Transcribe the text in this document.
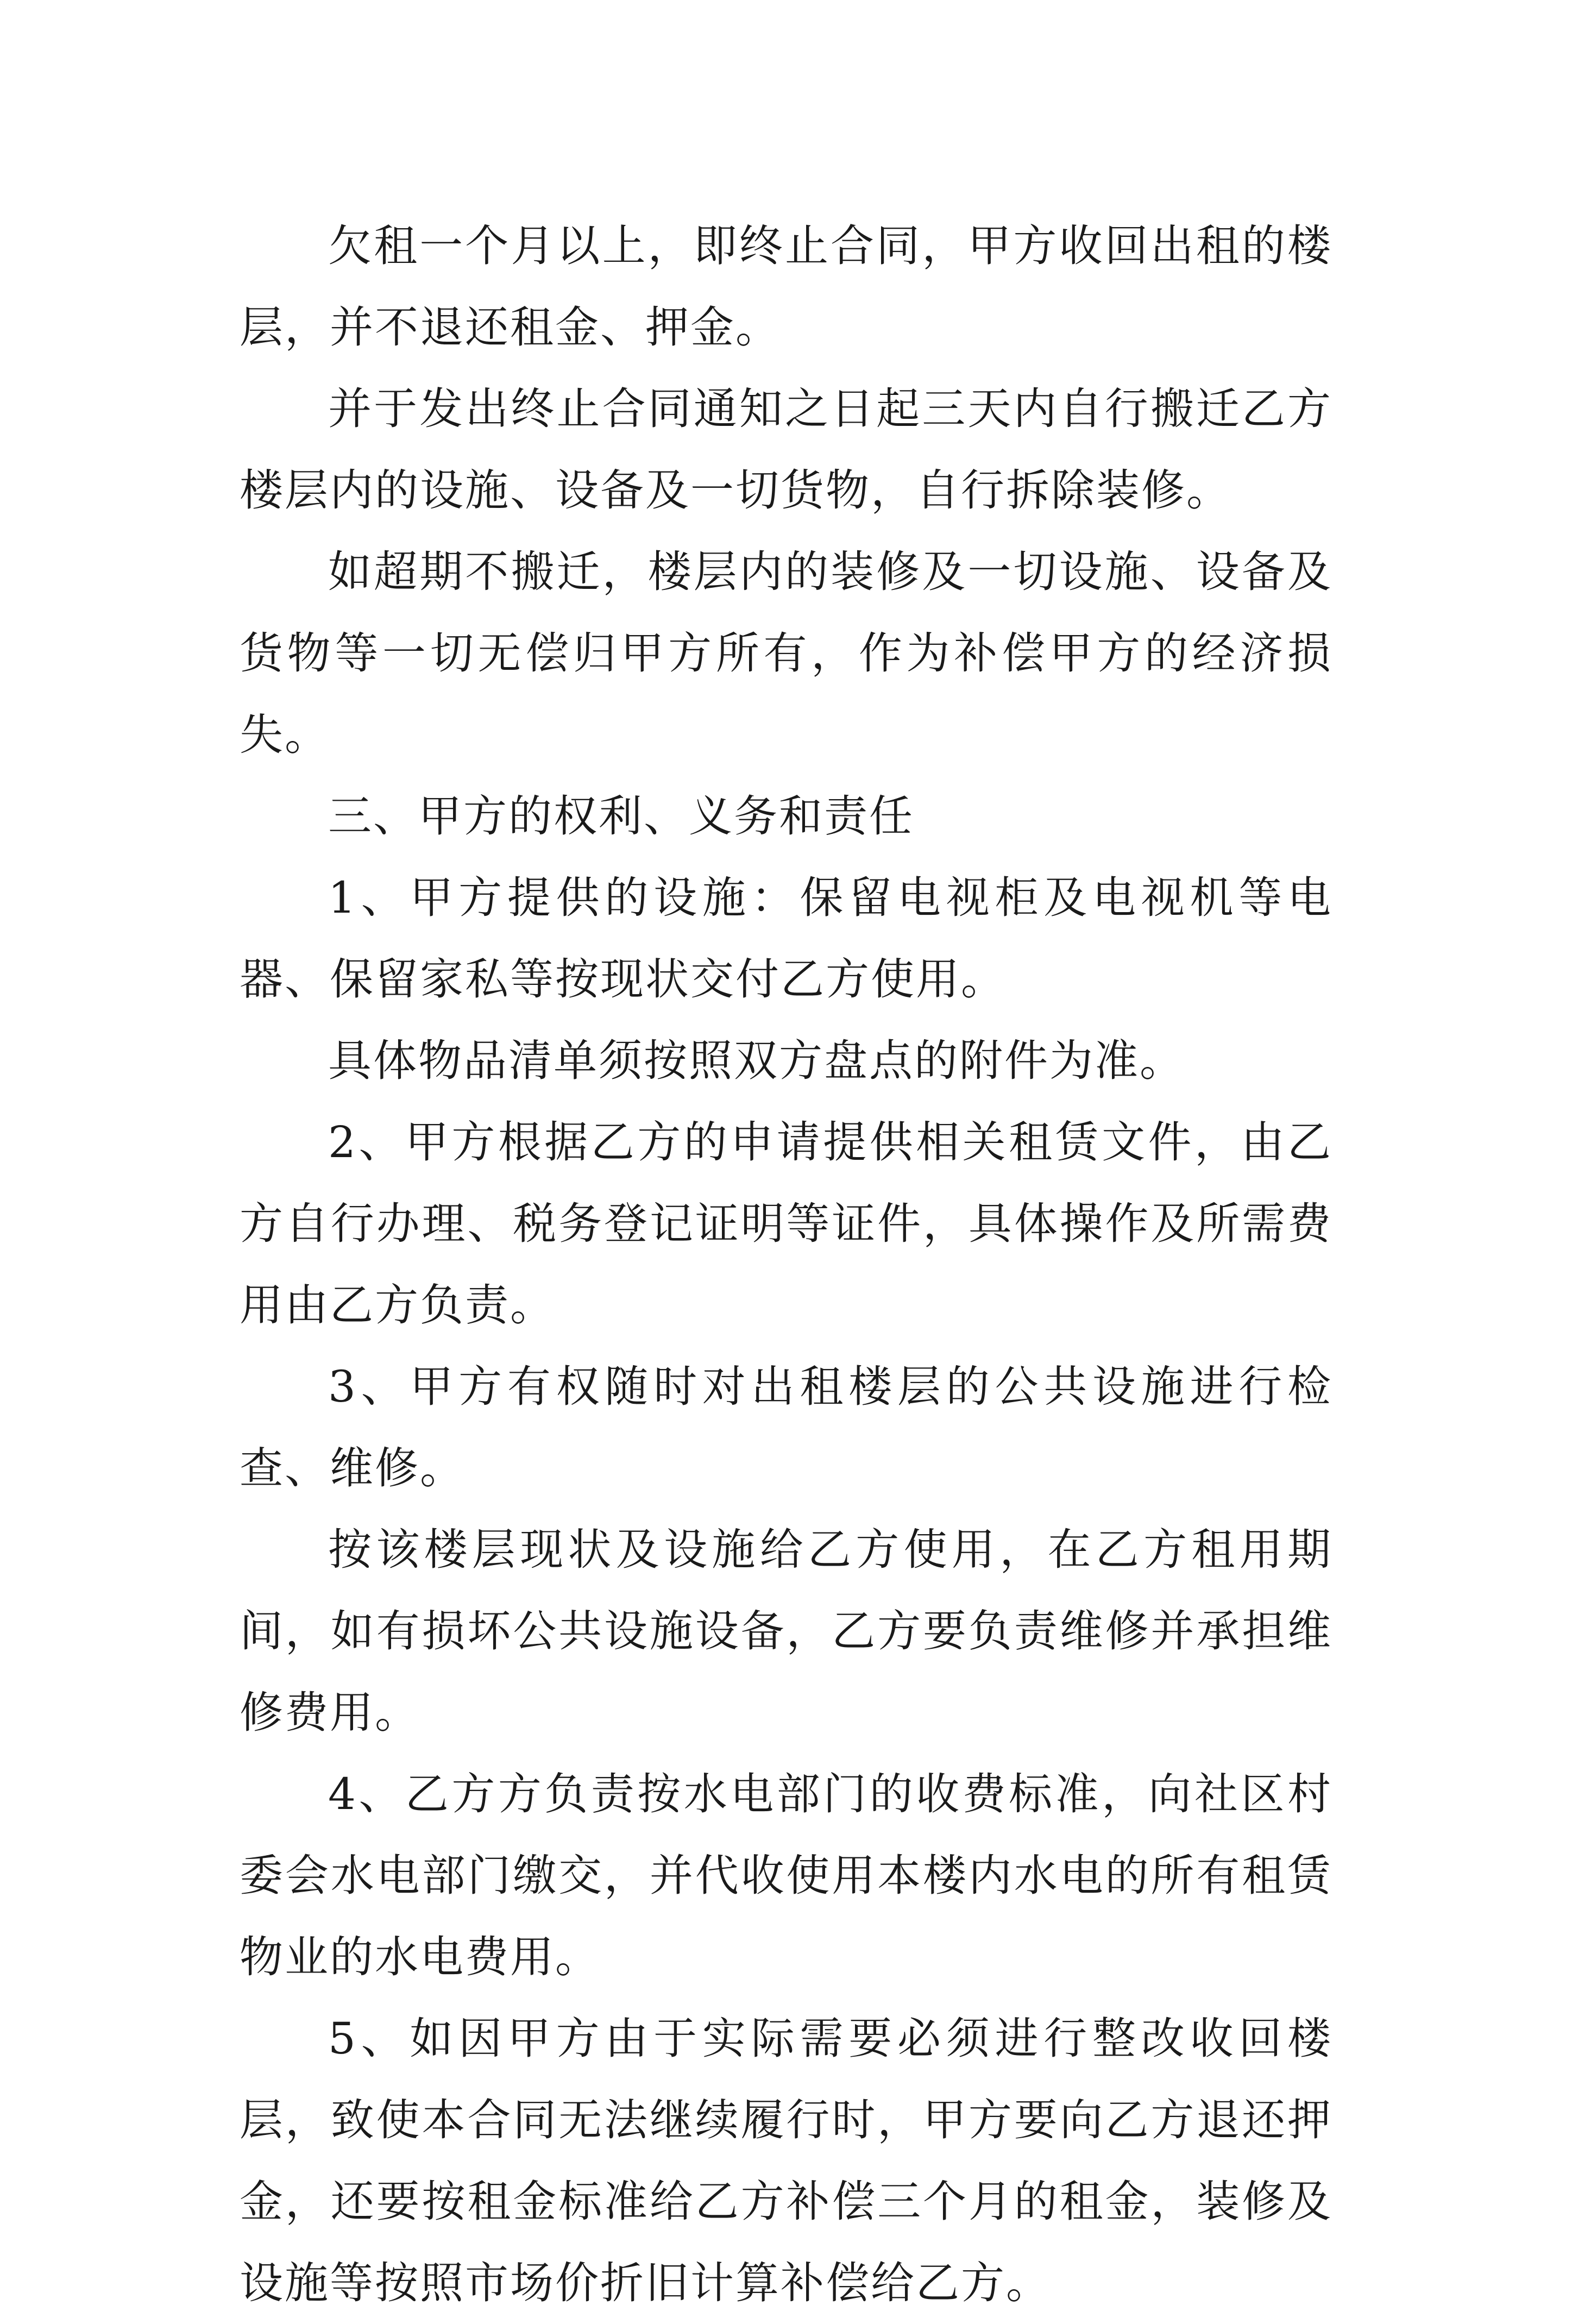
欠租一个月以上，即终止合同，甲方收回出租的楼层，并不退还租金、押金。

并于发出终止合同通知之日起三天内自行搬迁乙方楼层内的设施、设备及一切货物，自行拆除装修。

如超期不搬迁，楼层内的装修及一切设施、设备及货物等一切无偿归甲方所有，作为补偿甲方的经济损失。

三、甲方的权利、义务和责任

1、甲方提供的设施：保留电视柜及电视机等电器、保留家私等按现状交付乙方使用。

具体物品清单须按照双方盘点的附件为准。

2、甲方根据乙方的申请提供相关租赁文件，由乙方自行办理、税务登记证明等证件，具体操作及所需费用由乙方负责。

3、甲方有权随时对出租楼层的公共设施进行检查、维修。

按该楼层现状及设施给乙方使用，在乙方租用期间，如有损坏公共设施设备，乙方要负责维修并承担维修费用。

4、乙方方负责按水电部门的收费标准，向社区村委会水电部门缴交，并代收使用本楼内水电的所有租赁物业的水电费用。

5、如因甲方由于实际需要必须进行整改收回楼层，致使本合同无法继续履行时，甲方要向乙方退还押金，还要按租金标准给乙方补偿三个月的租金，装修及设施等按照市场价折旧计算补偿给乙方。
